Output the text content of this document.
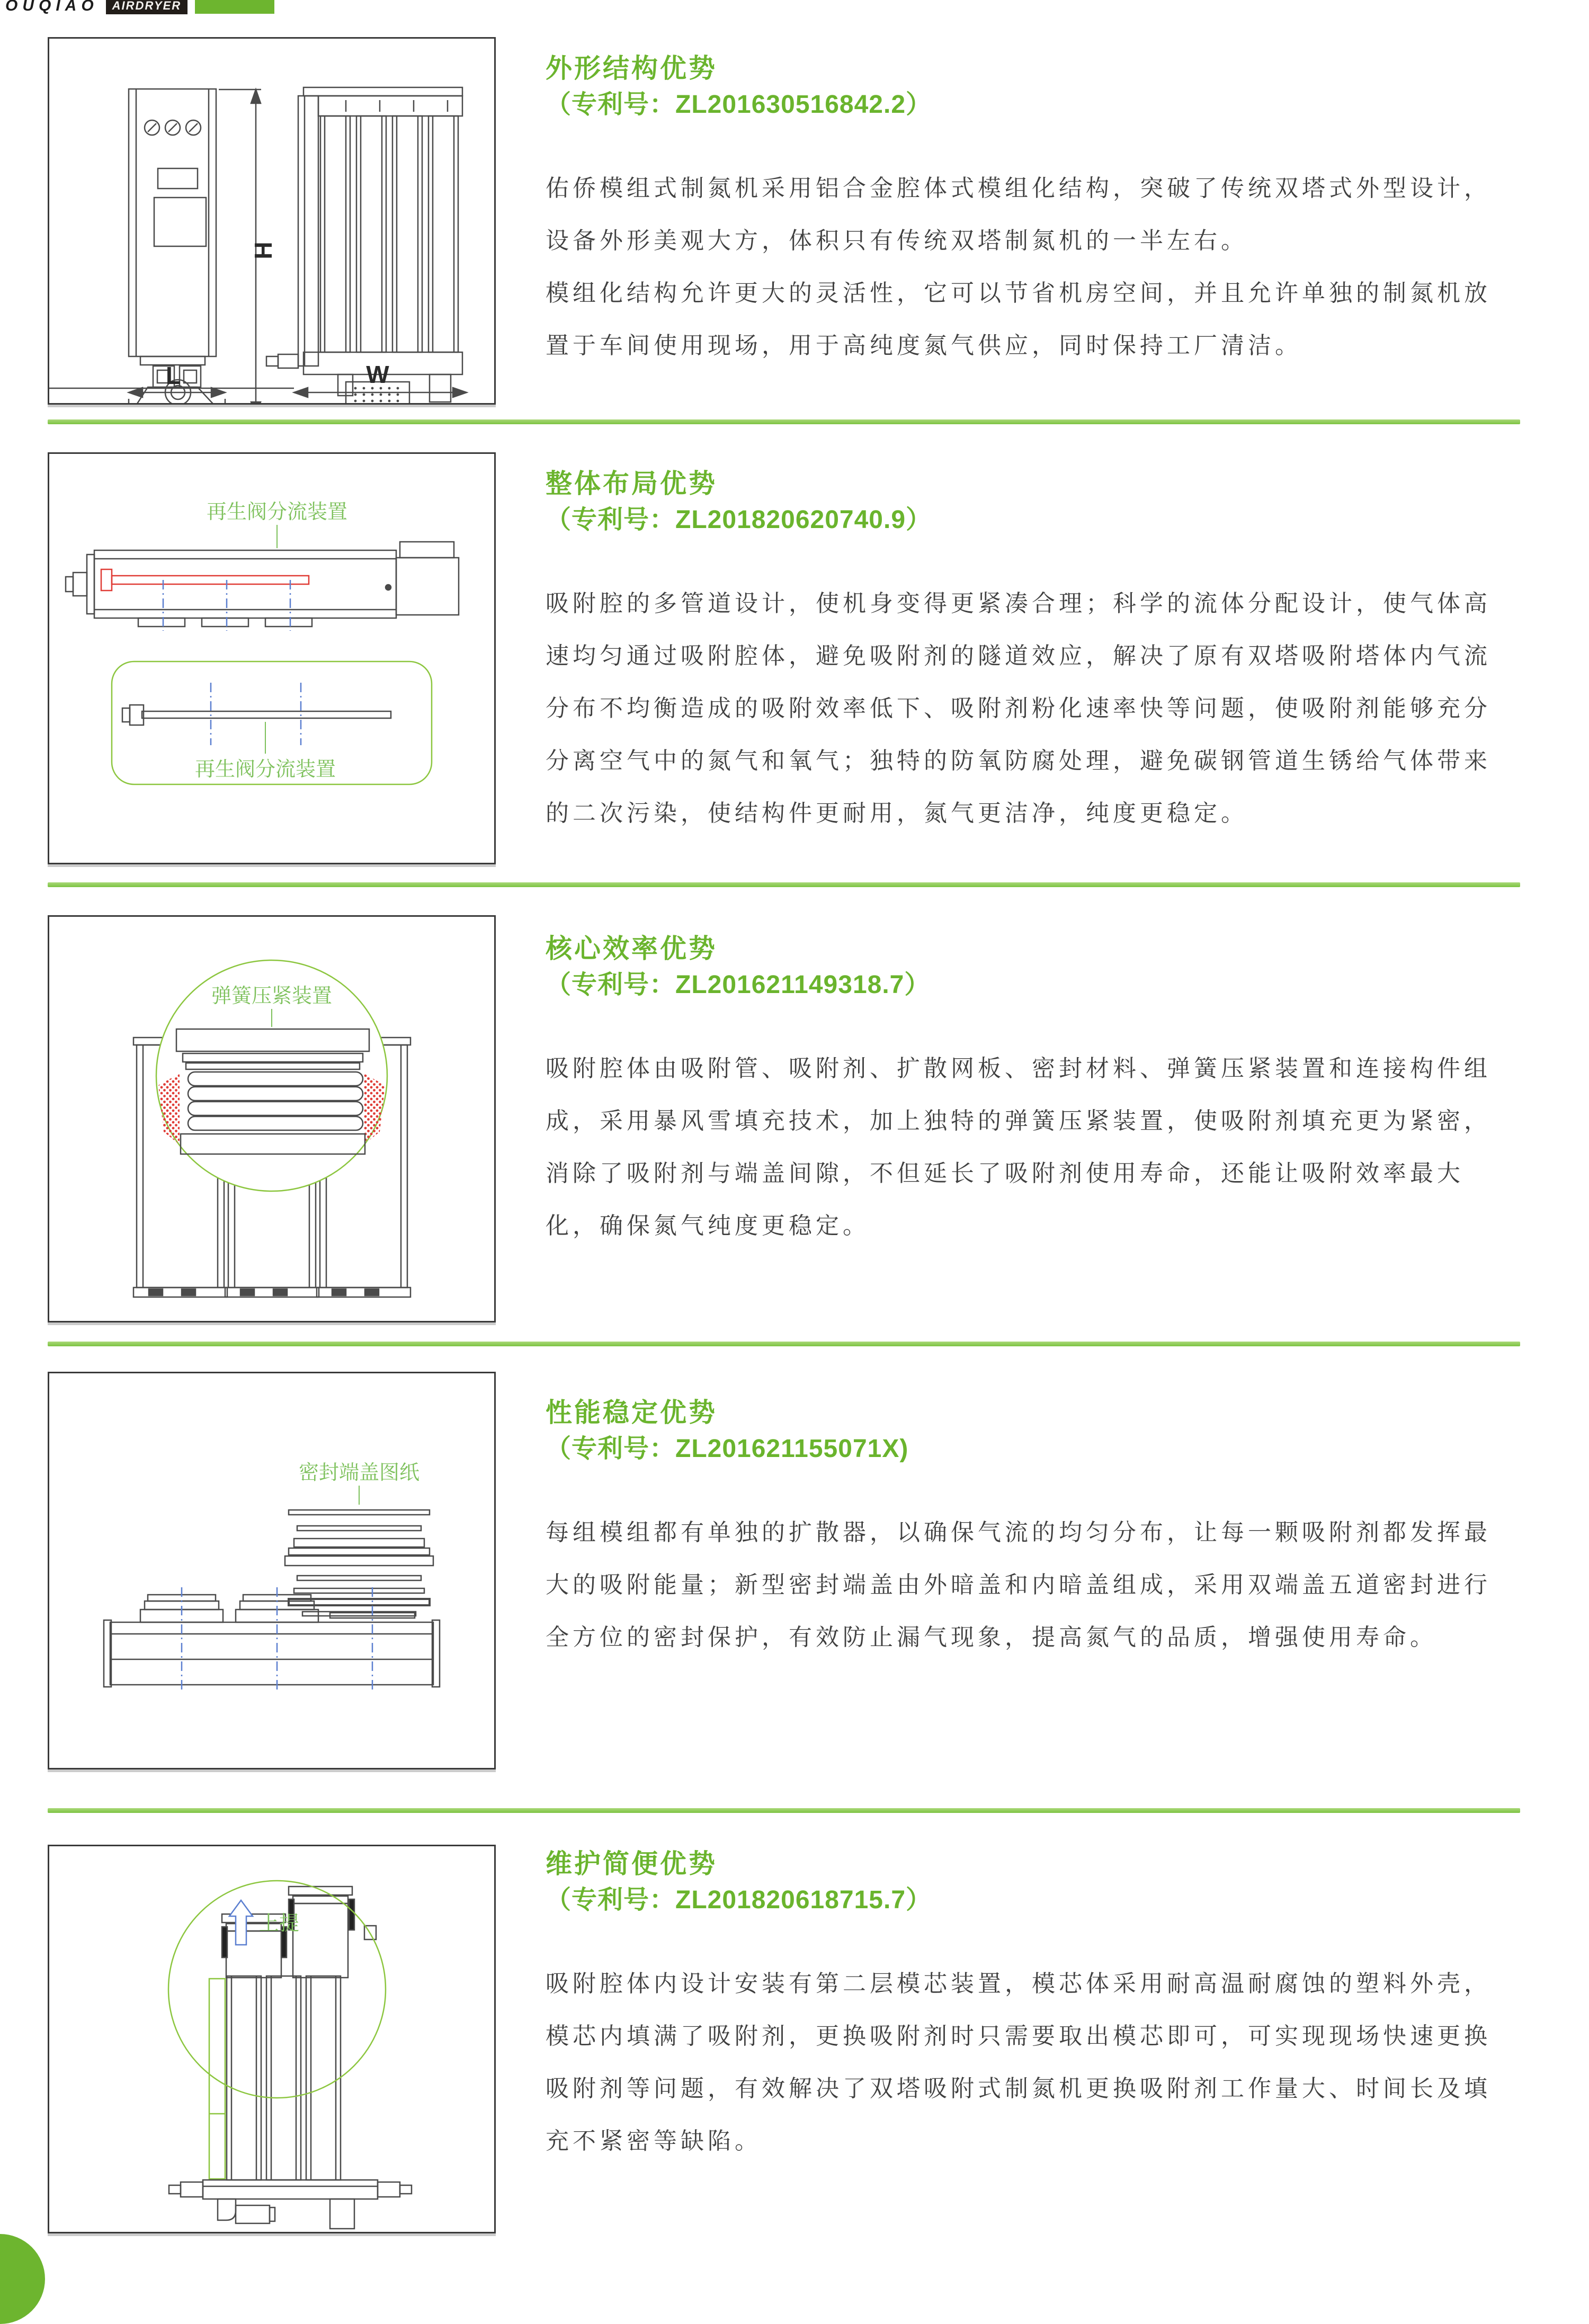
OUQIAO	AIRDRYER
H
L	W
外形结构优势
（专利号：ZL201630516842.2）
佑侨模组式制氮机采用铝合金腔体式模组化结构，突破了传统双塔式外型设计，
设备外形美观大方，体积只有传统双塔制氮机的一半左右。
模组化结构允许更大的灵活性，它可以节省机房空间，并且允许单独的制氮机放
置于车间使用现场，用于高纯度氮气供应，同时保持工厂清洁。
再生阀分流装置
再生阀分流装置
整体布局优势
（专利号：ZL201820620740.9）
吸附腔的多管道设计，使机身变得更紧凑合理；科学的流体分配设计，使气体高
速均匀通过吸附腔体，避免吸附剂的隧道效应，解决了原有双塔吸附塔体内气流
分布不均衡造成的吸附效率低下、吸附剂粉化速率快等问题，使吸附剂能够充分
分离空气中的氮气和氧气；独特的防氧防腐处理，避免碳钢管道生锈给气体带来
的二次污染，使结构件更耐用，氮气更洁净，纯度更稳定。
弹簧压紧装置
核心效率优势
（专利号：ZL201621149318.7）
吸附腔体由吸附管、吸附剂、扩散网板、密封材料、弹簧压紧装置和连接构件组
成，采用暴风雪填充技术，加上独特的弹簧压紧装置，使吸附剂填充更为紧密，
消除了吸附剂与端盖间隙，不但延长了吸附剂使用寿命，还能让吸附效率最大
化，确保氮气纯度更稳定。
密封端盖图纸
性能稳定优势
（专利号：ZL201621155071X)
每组模组都有单独的扩散器，以确保气流的均匀分布，让每一颗吸附剂都发挥最
大的吸附能量；新型密封端盖由外暗盖和内暗盖组成，采用双端盖五道密封进行
全方位的密封保护，有效防止漏气现象，提高氮气的品质，增强使用寿命。
上提
维护简便优势
（专利号：ZL201820618715.7）
吸附腔体内设计安装有第二层模芯装置，模芯体采用耐高温耐腐蚀的塑料外壳，
模芯内填满了吸附剂，更换吸附剂时只需要取出模芯即可，可实现现场快速更换
吸附剂等问题，有效解决了双塔吸附式制氮机更换吸附剂工作量大、时间长及填
充不紧密等缺陷。
